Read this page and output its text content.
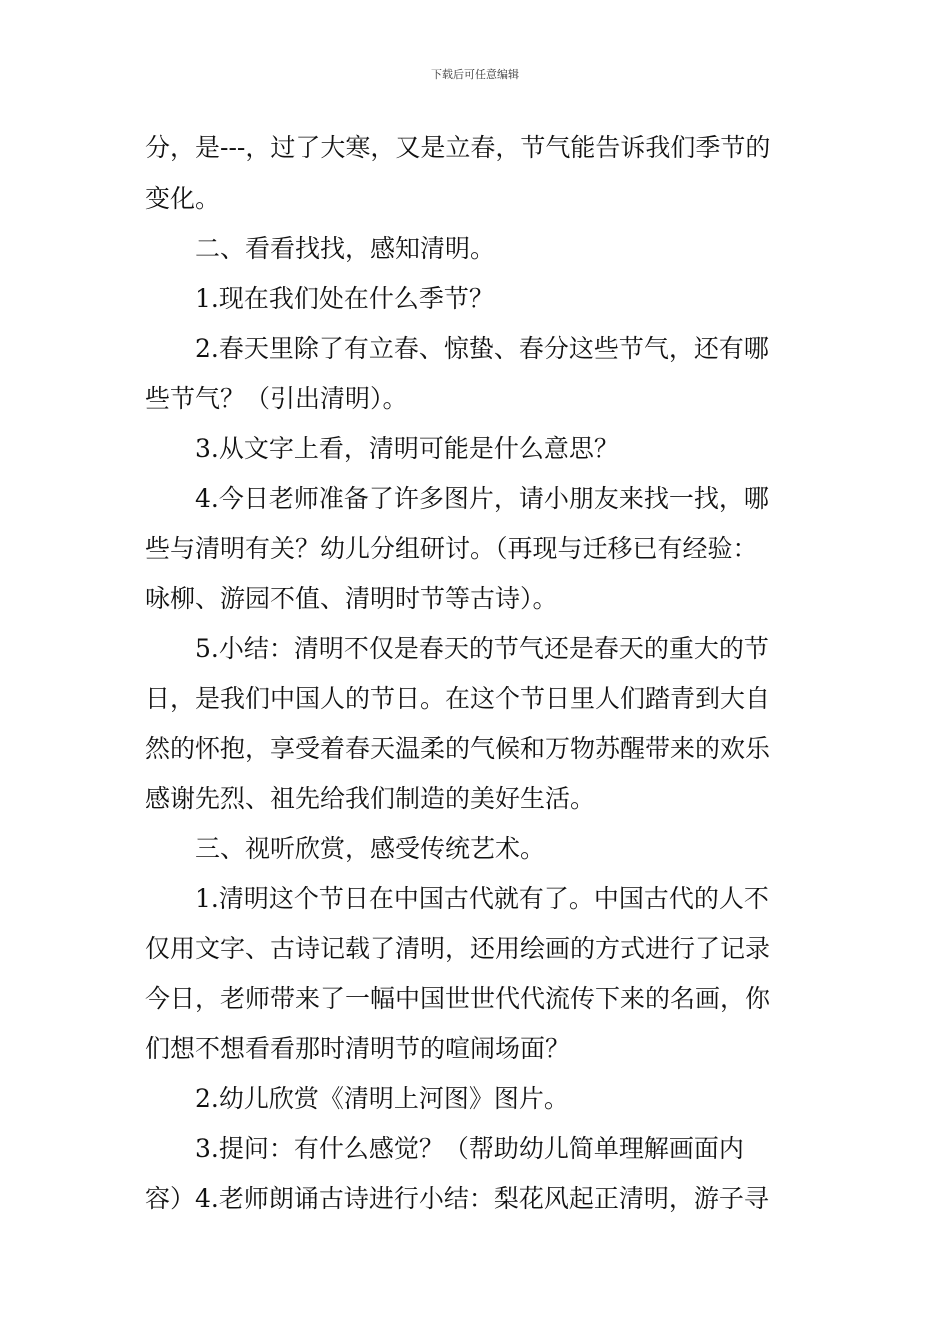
下载后可任意编辑
分，是---，过了大寒，又是立春，节气能告诉我们季节的
变化。
二、看看找找，感知清明。
1.现在我们处在什么季节？
2.春天里除了有立春、惊蛰、春分这些节气，还有哪
些节气？（引出清明）。
3.从文字上看，清明可能是什么意思？
4.今日老师准备了许多图片，请小朋友来找一找，哪
些与清明有关？幼儿分组研讨。（再现与迁移已有经验：
咏柳、游园不值、清明时节等古诗）。
5.小结：清明不仅是春天的节气还是春天的重大的节
日，是我们中国人的节日。在这个节日里人们踏青到大自
然的怀抱，享受着春天温柔的气候和万物苏醒带来的欢乐
感谢先烈、祖先给我们制造的美好生活。
三、视听欣赏，感受传统艺术。
1.清明这个节日在中国古代就有了。中国古代的人不
仅用文字、古诗记载了清明，还用绘画的方式进行了记录
今日，老师带来了一幅中国世世代代流传下来的名画，你
们想不想看看那时清明节的喧闹场面？
2.幼儿欣赏《清明上河图》图片。
3.提问：有什么感觉？（帮助幼儿简单理解画面内
容）4.老师朗诵古诗进行小结：梨花风起正清明，游子寻
